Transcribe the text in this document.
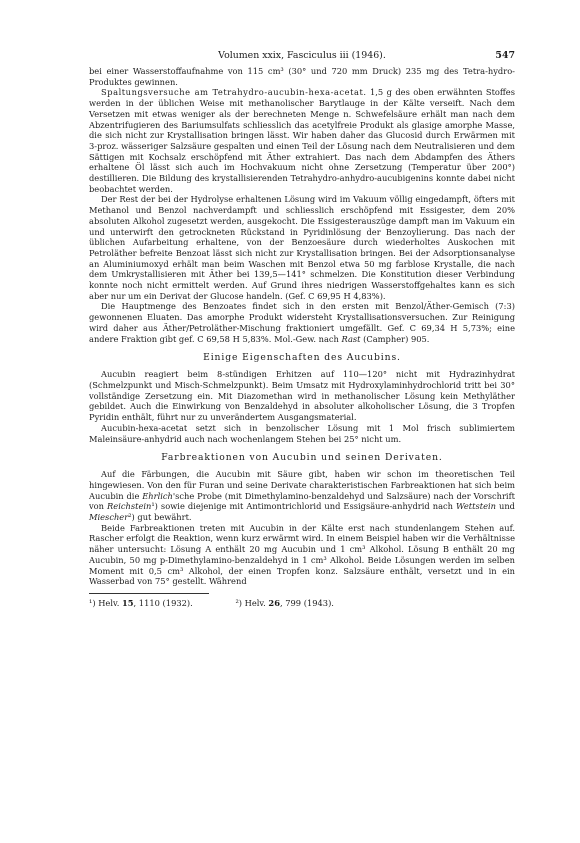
Volumen xxix, Fasciculus iii (1946).	547

bei einer Wasserstoffaufnahme von 115 cm³ (30° und 720 mm Druck) 235 mg des Tetra-hydro-Produktes gewinnen.

Spaltungsversuche am Tetrahydro-aucubin-hexa-acetat. 1,5 g des oben erwähnten Stoffes werden in der üblichen Weise mit methanolischer Barytlauge in der Kälte verseift. Nach dem Versetzen mit etwas weniger als der berechneten Menge n. Schwefelsäure erhält man nach dem Abzentrifugieren des Bariumsulfats schliesslich das acetylfreie Produkt als glasige amorphe Masse, die sich nicht zur Krystallisation bringen lässt. Wir haben daher das Glucosid durch Erwärmen mit 3-proz. wässeriger Salzsäure gespalten und einen Teil der Lösung nach dem Neutralisieren und dem Sättigen mit Kochsalz erschöpfend mit Äther extrahiert. Das nach dem Abdampfen des Äthers erhaltene Öl lässt sich auch im Hochvakuum nicht ohne Zersetzung (Temperatur über 200°) destillieren. Die Bildung des krystallisierenden Tetrahydro-anhydro-aucubigenins konnte dabei nicht beobachtet werden.

Der Rest der bei der Hydrolyse erhaltenen Lösung wird im Vakuum völlig eingedampft, öfters mit Methanol und Benzol nachverdampft und schliesslich erschöpfend mit Essigester, dem 20% absoluten Alkohol zugesetzt werden, ausgekocht. Die Essigesterauszüge dampft man im Vakuum ein und unterwirft den getrockneten Rückstand in Pyridinlösung der Benzoylierung. Das nach der üblichen Aufarbeitung erhaltene, von der Benzoesäure durch wiederholtes Auskochen mit Petroläther befreite Benzoat lässt sich nicht zur Krystallisation bringen. Bei der Adsorptionsanalyse an Aluminiumoxyd erhält man beim Waschen mit Benzol etwa 50 mg farblose Krystalle, die nach dem Umkrystallisieren mit Äther bei 139,5—141° schmelzen. Die Konstitution dieser Verbindung konnte noch nicht ermittelt werden. Auf Grund ihres niedrigen Wasserstoffgehaltes kann es sich aber nur um ein Derivat der Glucose handeln. (Gef. C 69,95 H 4,83%).

Die Hauptmenge des Benzoates findet sich in den ersten mit Benzol/Äther-Gemisch (7:3) gewonnenen Eluaten. Das amorphe Produkt widersteht Krystallisationsversuchen. Zur Reinigung wird daher aus Äther/Petroläther-Mischung fraktioniert umgefällt. Gef. C 69,34 H 5,73%; eine andere Fraktion gibt gef. C 69,58 H 5,83%. Mol.-Gew. nach Rast (Campher) 905.

Einige Eigenschaften des Aucubins.

Aucubin reagiert beim 8-stündigen Erhitzen auf 110—120° nicht mit Hydrazinhydrat (Schmelzpunkt und Misch-Schmelzpunkt). Beim Umsatz mit Hydroxylaminhydrochlorid tritt bei 30° vollständige Zersetzung ein. Mit Diazomethan wird in methanolischer Lösung kein Methyläther gebildet. Auch die Einwirkung von Benzaldehyd in absoluter alkoholischer Lösung, die 3 Tropfen Pyridin enthält, führt nur zu unverändertem Ausgangsmaterial.

Aucubin-hexa-acetat setzt sich in benzolischer Lösung mit 1 Mol frisch sublimiertem Maleinsäure-anhydrid auch nach wochenlangem Stehen bei 25° nicht um.

Farbreaktionen von Aucubin und seinen Derivaten.

Auf die Färbungen, die Aucubin mit Säure gibt, haben wir schon im theoretischen Teil hingewiesen. Von den für Furan und seine Derivate charakteristischen Farbreaktionen hat sich beim Aucubin die Ehrlich'sche Probe (mit Dimethylamino-benzaldehyd und Salzsäure) nach der Vorschrift von Reichstein¹) sowie diejenige mit Antimontrichlorid und Essigsäure-anhydrid nach Wettstein und Miescher²) gut bewährt.

Beide Farbreaktionen treten mit Aucubin in der Kälte erst nach stundenlangem Stehen auf. Rascher erfolgt die Reaktion, wenn kurz erwärmt wird. In einem Beispiel haben wir die Verhältnisse näher untersucht: Lösung A enthält 20 mg Aucubin und 1 cm³ Alkohol. Lösung B enthält 20 mg Aucubin, 50 mg p-Dimethylamino-benzaldehyd in 1 cm³ Alkohol. Beide Lösungen werden im selben Moment mit 0,5 cm³ Alkohol, der einen Tropfen konz. Salzsäure enthält, versetzt und in ein Wasserbad von 75° gestellt. Während

¹) Helv. 15, 1110 (1932).	²) Helv. 26, 799 (1943).
